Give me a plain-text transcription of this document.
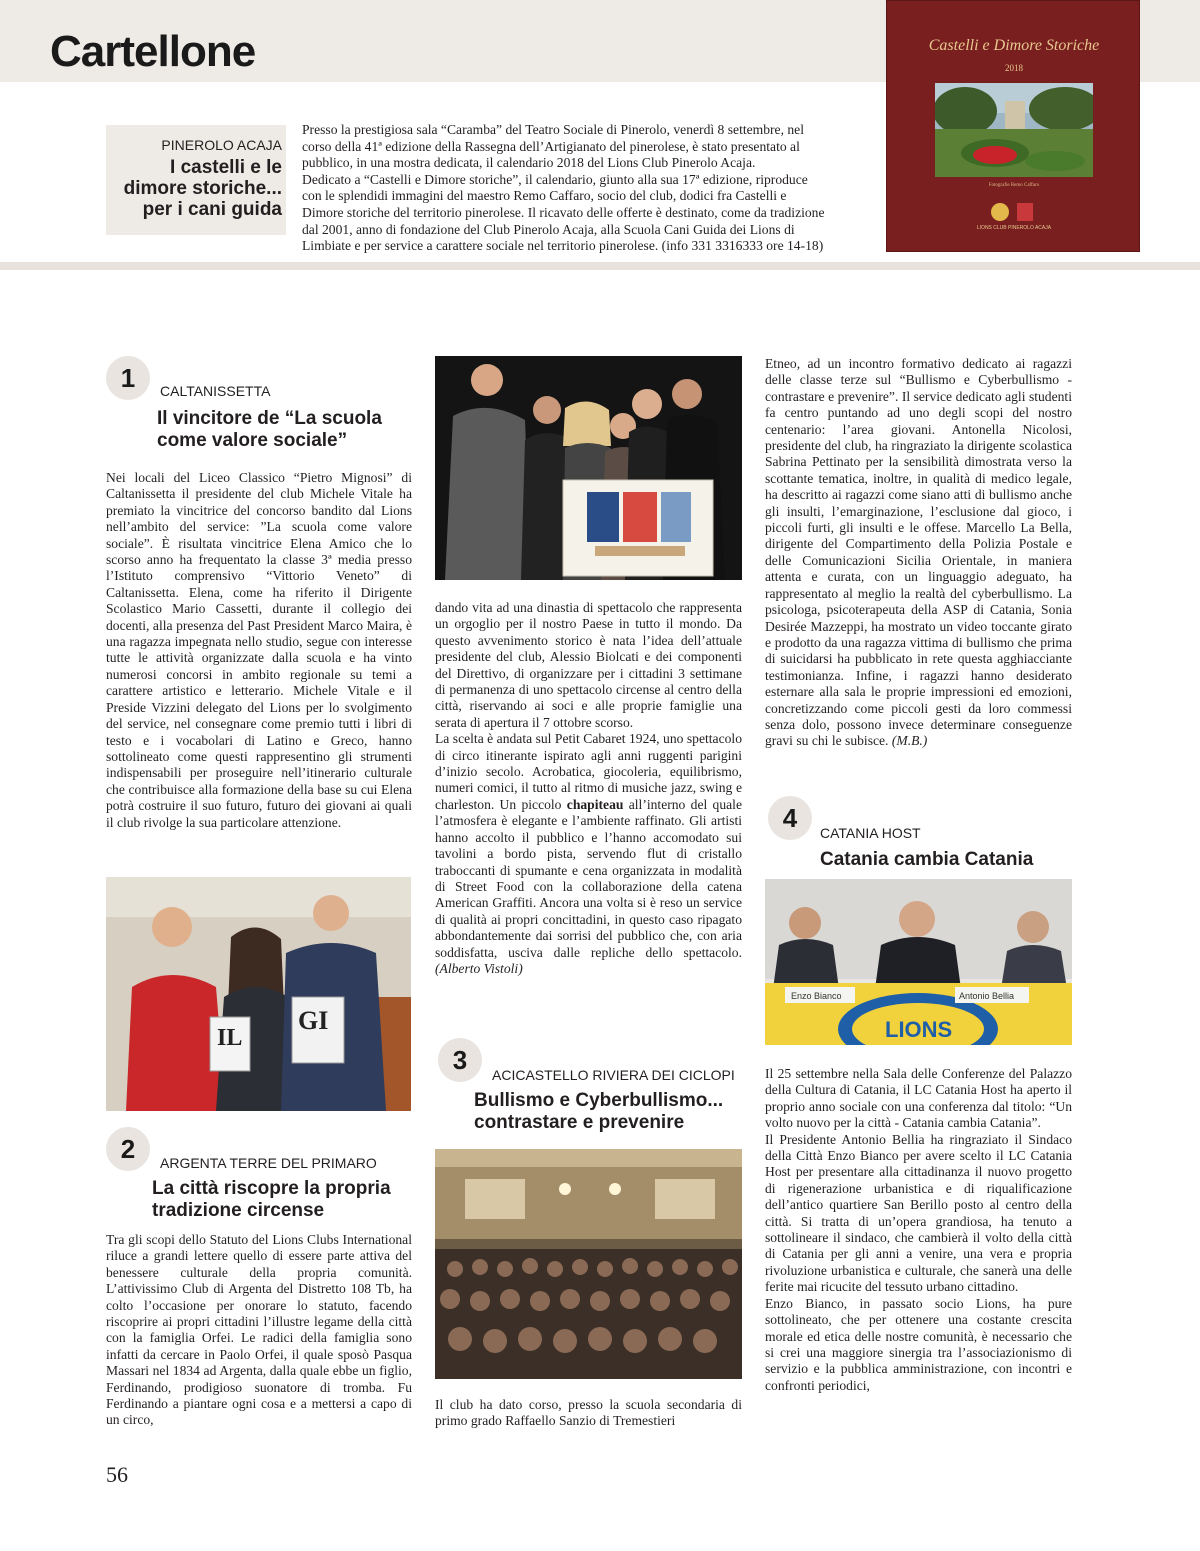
Cartellone
PINEROLO ACAJA
I castelli e le
dimore storiche...
per i cani guida
Presso la prestigiosa sala “Caramba” del Teatro Sociale di Pinerolo, venerdì 8 settembre, nel
corso della 41ª edizione della Rassegna dell’Artigianato del pinerolese, è stato presentato al
pubblico, in una mostra dedicata, il calendario 2018 del Lions Club Pinerolo Acaja.
Dedicato a “Castelli e Dimore storiche”, il calendario, giunto alla sua 17ª edizione, riproduce
con le splendidi immagini del maestro Remo Caffaro, socio del club, dodici fra Castelli e
Dimore storiche del territorio pinerolese. Il ricavato delle offerte è destinato, come da tradizione
dal 2001, anno di fondazione del Club Pinerolo Acaja, alla Scuola Cani Guida dei Lions di
Limbiate e per service a carattere sociale nel territorio pinerolese. (info 331 3316333 ore 14-18)
Castelli e Dimore Storiche
2018
Fotografie Remo Caffaro
LIONS CLUB PINEROLO ACAJA
1	CALTANISSETTA
Il vincitore de “La scuola
come valore sociale”

Nei locali del Liceo Classico “Pietro Mignosi” di Caltanissetta il presidente del club Michele Vitale ha premiato la vincitrice del concorso bandito dal Lions nell’ambito del service: ”La scuola come valore sociale”. È risultata vincitrice Elena Amico che lo scorso anno ha frequentato la classe 3ª media presso l’Istituto comprensivo “Vittorio Veneto” di Caltanissetta. Elena, come ha riferito il Dirigente Scolastico Mario Cassetti, durante il collegio dei docenti, alla presenza del Past President Marco Maira, è una ragazza impegnata nello studio, segue con interesse tutte le attività organizzate dalla scuola e ha vinto numerosi concorsi in ambito regionale su temi a carattere artistico e letterario. Michele Vitale e il Preside Vizzini delegato del Lions per lo svolgimento del service, nel consegnare come premio tutti i libri di testo e i vocabolari di Latino e Greco, hanno sottolineato come questi rappresentino gli strumenti indispensabili per proseguire nell’itinerario culturale che contribuisce alla formazione della base su cui Elena potrà costruire il suo futuro, futuro dei giovani ai quali il club rivolge la sua particolare attenzione.

IL
GI
2	ARGENTA TERRE DEL PRIMARO
La città riscopre la propria
tradizione circense

Tra gli scopi dello Statuto del Lions Clubs International riluce a grandi lettere quello di essere parte attiva del benessere culturale della propria comunità. L’attivissimo Club di Argenta del Distretto 108 Tb, ha colto l’occasione per onorare lo statuto, facendo riscoprire ai propri cittadini l’illustre legame della città con la famiglia Orfei. Le radici della famiglia sono infatti da cercare in Paolo Orfei, il quale sposò Pasqua Massari nel 1834 ad Argenta, dalla quale ebbe un figlio, Ferdinando, prodigioso suonatore di tromba. Fu Ferdinando a piantare ogni cosa e a mettersi a capo di un circo,

dando vita ad una dinastia di spettacolo che rappresenta un orgoglio per il nostro Paese in tutto il mondo. Da questo avvenimento storico è nata l’idea dell’attuale presidente del club, Alessio Biolcati e dei componenti del Direttivo, di organizzare per i cittadini 3 settimane di permanenza di uno spettacolo circense al centro della città, riservando ai soci e alle proprie famiglie una serata di apertura il 7 ottobre scorso.

La scelta è andata sul Petit Cabaret 1924, uno spettacolo di circo itinerante ispirato agli anni ruggenti parigini d’inizio secolo. Acrobatica, giocoleria, equilibrismo, numeri comici, il tutto al ritmo di musiche jazz, swing e charleston. Un piccolo chapiteau all’interno del quale l’atmosfera è elegante e l’ambiente raffinato. Gli artisti hanno accolto il pubblico e l’hanno accomodato sui tavolini a bordo pista, servendo flut di cristallo traboccanti di spumante e cena organizzata in modalità di Street Food con la collaborazione della catena American Graffiti. Ancora una volta si è reso un service di qualità ai propri concittadini, in questo caso ripagato abbondantemente dai sorrisi del pubblico che, con aria soddisfatta, usciva dalle repliche dello spettacolo. (Alberto Vistoli)

3	ACICASTELLO RIVIERA DEI CICLOPI
Bullismo e Cyberbullismo...
contrastare e prevenire

Il club ha dato corso, presso la scuola secondaria di primo grado Raffaello Sanzio di Tremestieri

Etneo, ad un incontro formativo dedicato ai ragazzi delle classe terze sul “Bullismo e Cyberbullismo - contrastare e prevenire”. Il service dedicato agli studenti fa centro puntando ad uno degli scopi del nostro centenario: l’area giovani. Antonella Nicolosi, presidente del club, ha ringraziato la dirigente scolastica Sabrina Pettinato per la sensibilità dimostrata verso la scottante tematica, inoltre, in qualità di medico legale, ha descritto ai ragazzi come siano atti di bullismo anche gli insulti, l’emarginazione, l’esclusione dal gioco, i piccoli furti, gli insulti e le offese. Marcello La Bella, dirigente del Compartimento della Polizia Postale e delle Comunicazioni Sicilia Orientale, in maniera attenta e curata, con un linguaggio adeguato, ha rappresentato al meglio la realtà del cyberbullismo. La psicologa, psicoterapeuta della ASP di Catania, Sonia Desirée Mazzeppi, ha mostrato un video toccante girato e prodotto da una ragazza vittima di bullismo che prima di suicidarsi ha pubblicato in rete questa agghiacciante testimonianza. Infine, i ragazzi hanno desiderato esternare alla sala le proprie impressioni ed emozioni, concretizzando come piccoli gesti da loro commessi senza dolo, possono invece determinare conseguenze gravi su chi le subisce. (M.B.)

4	CATANIA HOST
Catania cambia Catania
Enzo Bianco	Antonio Bellia
LIONS

Il 25 settembre nella Sala delle Conferenze del Palazzo della Cultura di Catania, il LC Catania Host ha aperto il proprio anno sociale con una conferenza dal titolo: “Un volto nuovo per la città - Catania cambia Catania”.

Il Presidente Antonio Bellia ha ringraziato il Sindaco della Città Enzo Bianco per avere scelto il LC Catania Host per presentare alla cittadinanza il nuovo progetto di rigenerazione urbanistica e di riqualificazione dell’antico quartiere San Berillo posto al centro della città. Si tratta di un’opera grandiosa, ha tenuto a sottolineare il sindaco, che cambierà il volto della città di Catania per gli anni a venire, una vera e propria rivoluzione urbanistica e culturale, che sanerà una delle ferite mai ricucite del tessuto urbano cittadino.

Enzo Bianco, in passato socio Lions, ha pure sottolineato, che per ottenere una costante crescita morale ed etica delle nostre comunità, è necessario che si crei una maggiore sinergia tra l’associazionismo di servizio e la pubblica amministrazione, con incontri e confronti periodici,

56
